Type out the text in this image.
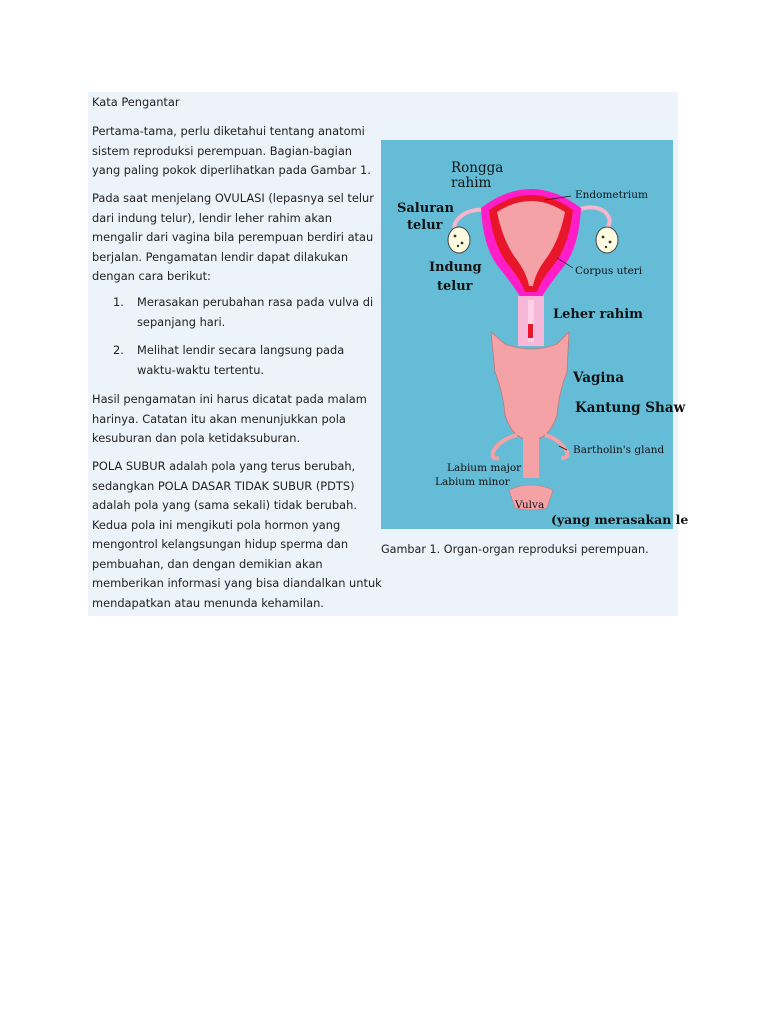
Kata Pengantar

Pertama-tama, perlu diketahui tentang anatomi sistem reproduksi perempuan. Bagian-bagian yang paling pokok diperlihatkan pada Gambar 1.

Pada saat menjelang OVULASI (lepasnya sel telur dari indung telur), lendir leher rahim akan mengalir dari vagina bila perempuan berdiri atau berjalan. Pengamatan lendir dapat dilakukan dengan cara berikut:

1. Merasakan perubahan rasa pada vulva di sepanjang hari.
2. Melihat lendir secara langsung pada waktu-waktu tertentu.

Hasil pengamatan ini harus dicatat pada malam harinya. Catatan itu akan menunjukkan pola kesuburan dan pola ketidaksuburan.

POLA SUBUR adalah pola yang terus berubah, sedangkan POLA DASAR TIDAK SUBUR (PDTS) adalah pola yang (sama sekali) tidak berubah. Kedua pola ini mengikuti pola hormon yang mengontrol kelangsungan hidup sperma dan pembuahan, dan dengan demikian akan memberikan informasi yang bisa diandalkan untuk mendapatkan atau menunda kehamilan.

Rongga
rahim
Saluran
telur
Indung
telur
Endometrium
Corpus uteri
Leher rahim
Vagina
Kantung Shaw
Bartholin's gland
Labium major
Labium minor
Vulva
(yang merasakan le

Gambar 1. Organ-organ reproduksi perempuan.
